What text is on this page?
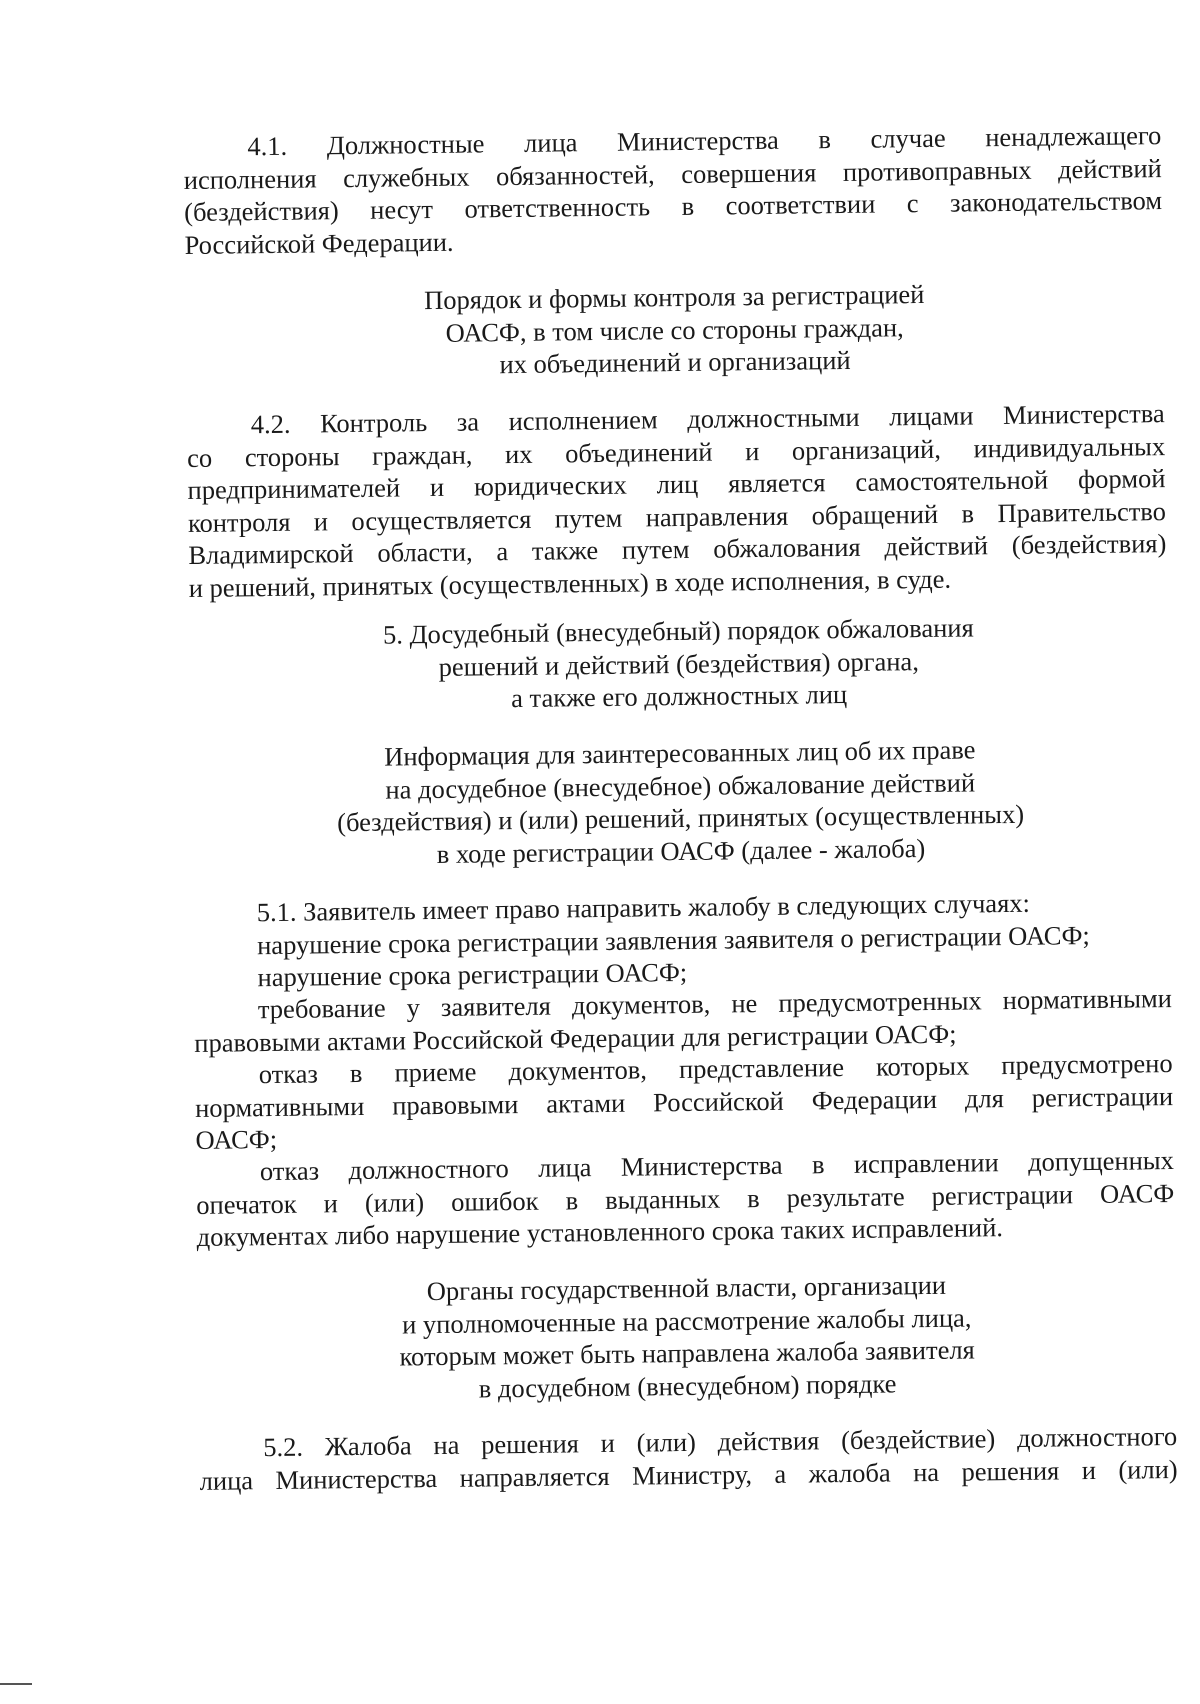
4.1. Должностные лица Министерства в случае ненадлежащего
исполнения служебных обязанностей, совершения противоправных действий
(бездействия) несут ответственность в соответствии с законодательством
Российской Федерации.
Порядок и формы контроля за регистрацией
ОАСФ, в том числе со стороны граждан,
их объединений и организаций
4.2. Контроль за исполнением должностными лицами Министерства
со стороны граждан, их объединений и организаций, индивидуальных
предпринимателей и юридических лиц является самостоятельной формой
контроля и осуществляется путем направления обращений в Правительство
Владимирской области, а также путем обжалования действий (бездействия)
и решений, принятых (осуществленных) в ходе исполнения, в суде.
5. Досудебный (внесудебный) порядок обжалования
решений и действий (бездействия) органа,
а также его должностных лиц
Информация для заинтересованных лиц об их праве
на досудебное (внесудебное) обжалование действий
(бездействия) и (или) решений, принятых (осуществленных)
в ходе регистрации ОАСФ (далее - жалоба)
5.1. Заявитель имеет право направить жалобу в следующих случаях:
нарушение срока регистрации заявления заявителя о регистрации ОАСФ;
нарушение срока регистрации ОАСФ;
требование у заявителя документов, не предусмотренных нормативными
правовыми актами Российской Федерации для регистрации ОАСФ;
отказ в приеме документов, представление которых предусмотрено
нормативными правовыми актами Российской Федерации для регистрации
ОАСФ;
отказ должностного лица Министерства в исправлении допущенных
опечаток и (или) ошибок в выданных в результате регистрации ОАСФ
документах либо нарушение установленного срока таких исправлений.
Органы государственной власти, организации
и уполномоченные на рассмотрение жалобы лица,
которым может быть направлена жалоба заявителя
в досудебном (внесудебном) порядке
5.2. Жалоба на решения и (или) действия (бездействие) должностного
лица Министерства направляется Министру, а жалоба на решения и (или)
